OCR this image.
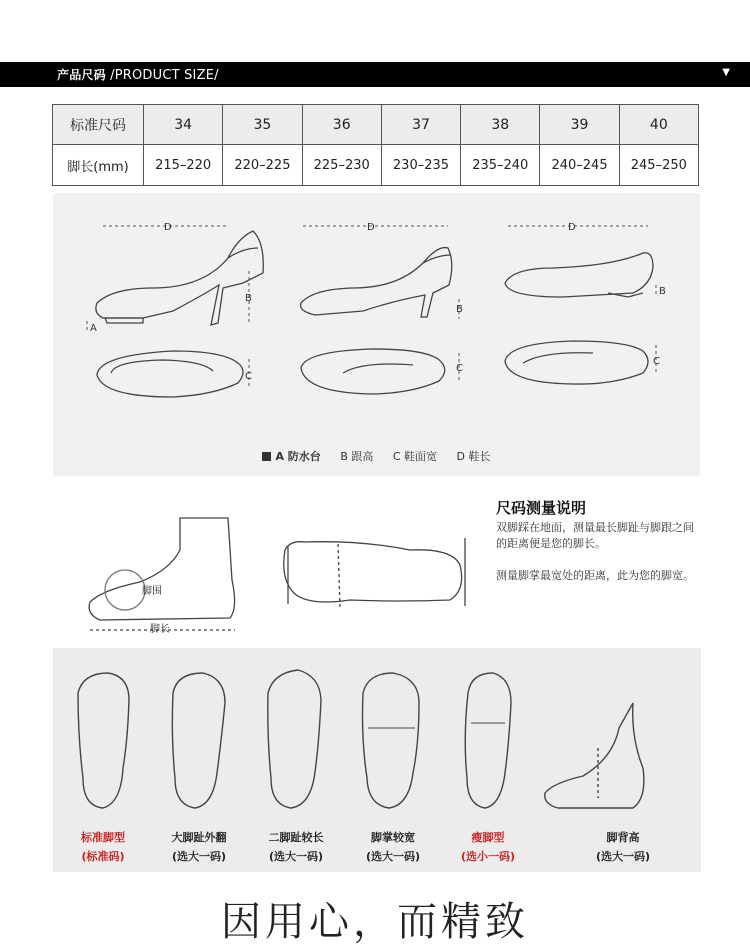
产品尺码 /PRODUCT SIZE/	▼
标准尺码	34	35	36	37	38	39	40
脚长(mm)	215–220	220–225	225–230	230–235	235–240	240–245	245–250
D	D	D
A
B
B
B
C
C
C
A 防水台 B 跟高 C 鞋面宽 D 鞋长
脚围
脚长
尺码测量说明
双脚踩在地面，测量最长脚趾与脚跟之间的距离便是您的脚长。
测量脚掌最宽处的距离，此为您的脚宽。
标准脚型
(标准码)
大脚趾外翻
(选大一码)
二脚趾较长
(选大一码)
脚掌较宽
(选大一码)
瘦脚型
(选小一码)
脚背高
(选大一码)
因用心，而精致
